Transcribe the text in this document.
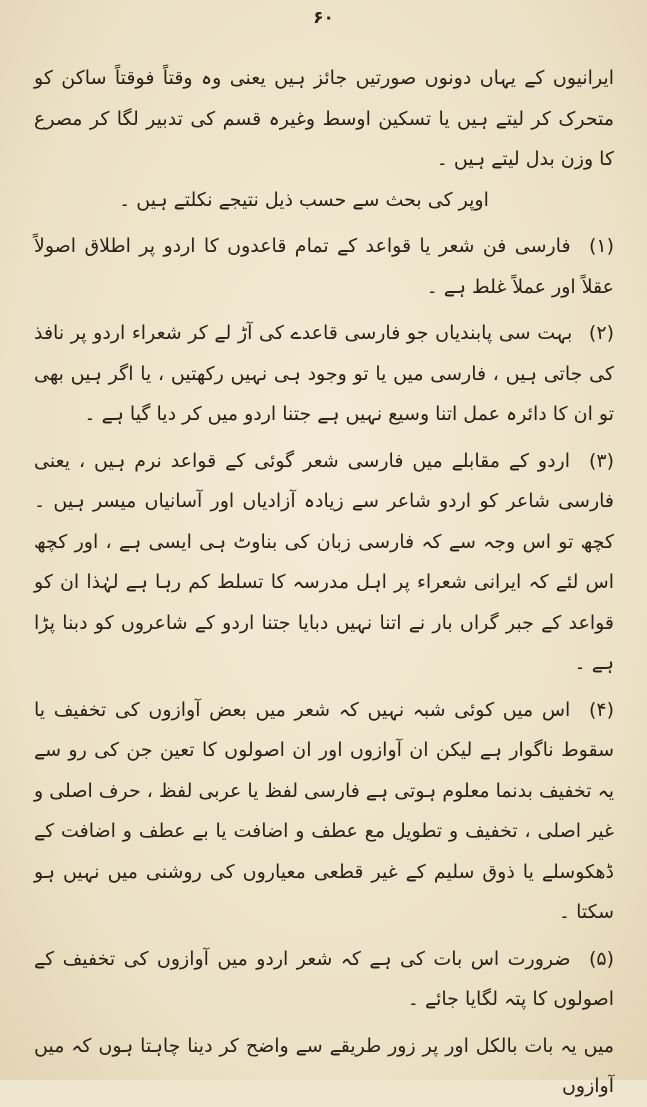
۶۰

ایرانیوں کے یہاں دونوں صورتیں جائز ہیں یعنی وہ وقتاً فوقتاً ساکن کو متحرک کر لیتے ہیں یا تسکین اوسط وغیرہ قسم کی تدبیر لگا کر مصرع کا وزن بدل لیتے ہیں ۔

اوپر کی بحث سے حسب ذیل نتیجے نکلتے ہیں ۔

(۱) فارسی فن شعر یا قواعد کے تمام قاعدوں کا اردو پر اطلاق اصولاً عقلاً اور عملاً غلط ہے ۔

(۲) بہت سی پابندیاں جو فارسی قاعدے کی آڑ لے کر شعراء اردو پر نافذ کی جاتی ہیں ، فارسی میں یا تو وجود ہی نہیں رکھتیں ، یا اگر ہیں بھی تو ان کا دائرہ عمل اتنا وسیع نہیں ہے جتنا اردو میں کر دیا گیا ہے ۔

(۳) اردو کے مقابلے میں فارسی شعر گوئی کے قواعد نرم ہیں ، یعنی فارسی شاعر کو اردو شاعر سے زیادہ آزادیاں اور آسانیاں میسر ہیں ۔ کچھ تو اس وجہ سے کہ فارسی زبان کی بناوٹ ہی ایسی ہے ، اور کچھ اس لئے کہ ایرانی شعراء پر اہل مدرسہ کا تسلط کم رہا ہے لہٰذا ان کو قواعد کے جبر گراں بار نے اتنا نہیں دبایا جتنا اردو کے شاعروں کو دبنا پڑا ہے ۔

(۴) اس میں کوئی شبہ نہیں کہ شعر میں بعض آوازوں کی تخفیف یا سقوط ناگوار ہے لیکن ان آوازوں اور ان اصولوں کا تعین جن کی رو سے یہ تخفیف بدنما معلوم ہوتی ہے فارسی لفظ یا عربی لفظ ، حرف اصلی و غیر اصلی ، تخفیف و تطویل مع عطف و اضافت یا بے عطف و اضافت کے ڈھکوسلے یا ذوق سلیم کے غیر قطعی معیاروں کی روشنی میں نہیں ہو سکتا ۔

(۵) ضرورت اس بات کی ہے کہ شعر اردو میں آوازوں کی تخفیف کے اصولوں کا پتہ لگایا جائے ۔

میں یہ بات بالکل اور پر زور طریقے سے واضح کر دینا چاہتا ہوں کہ میں آوازوں
